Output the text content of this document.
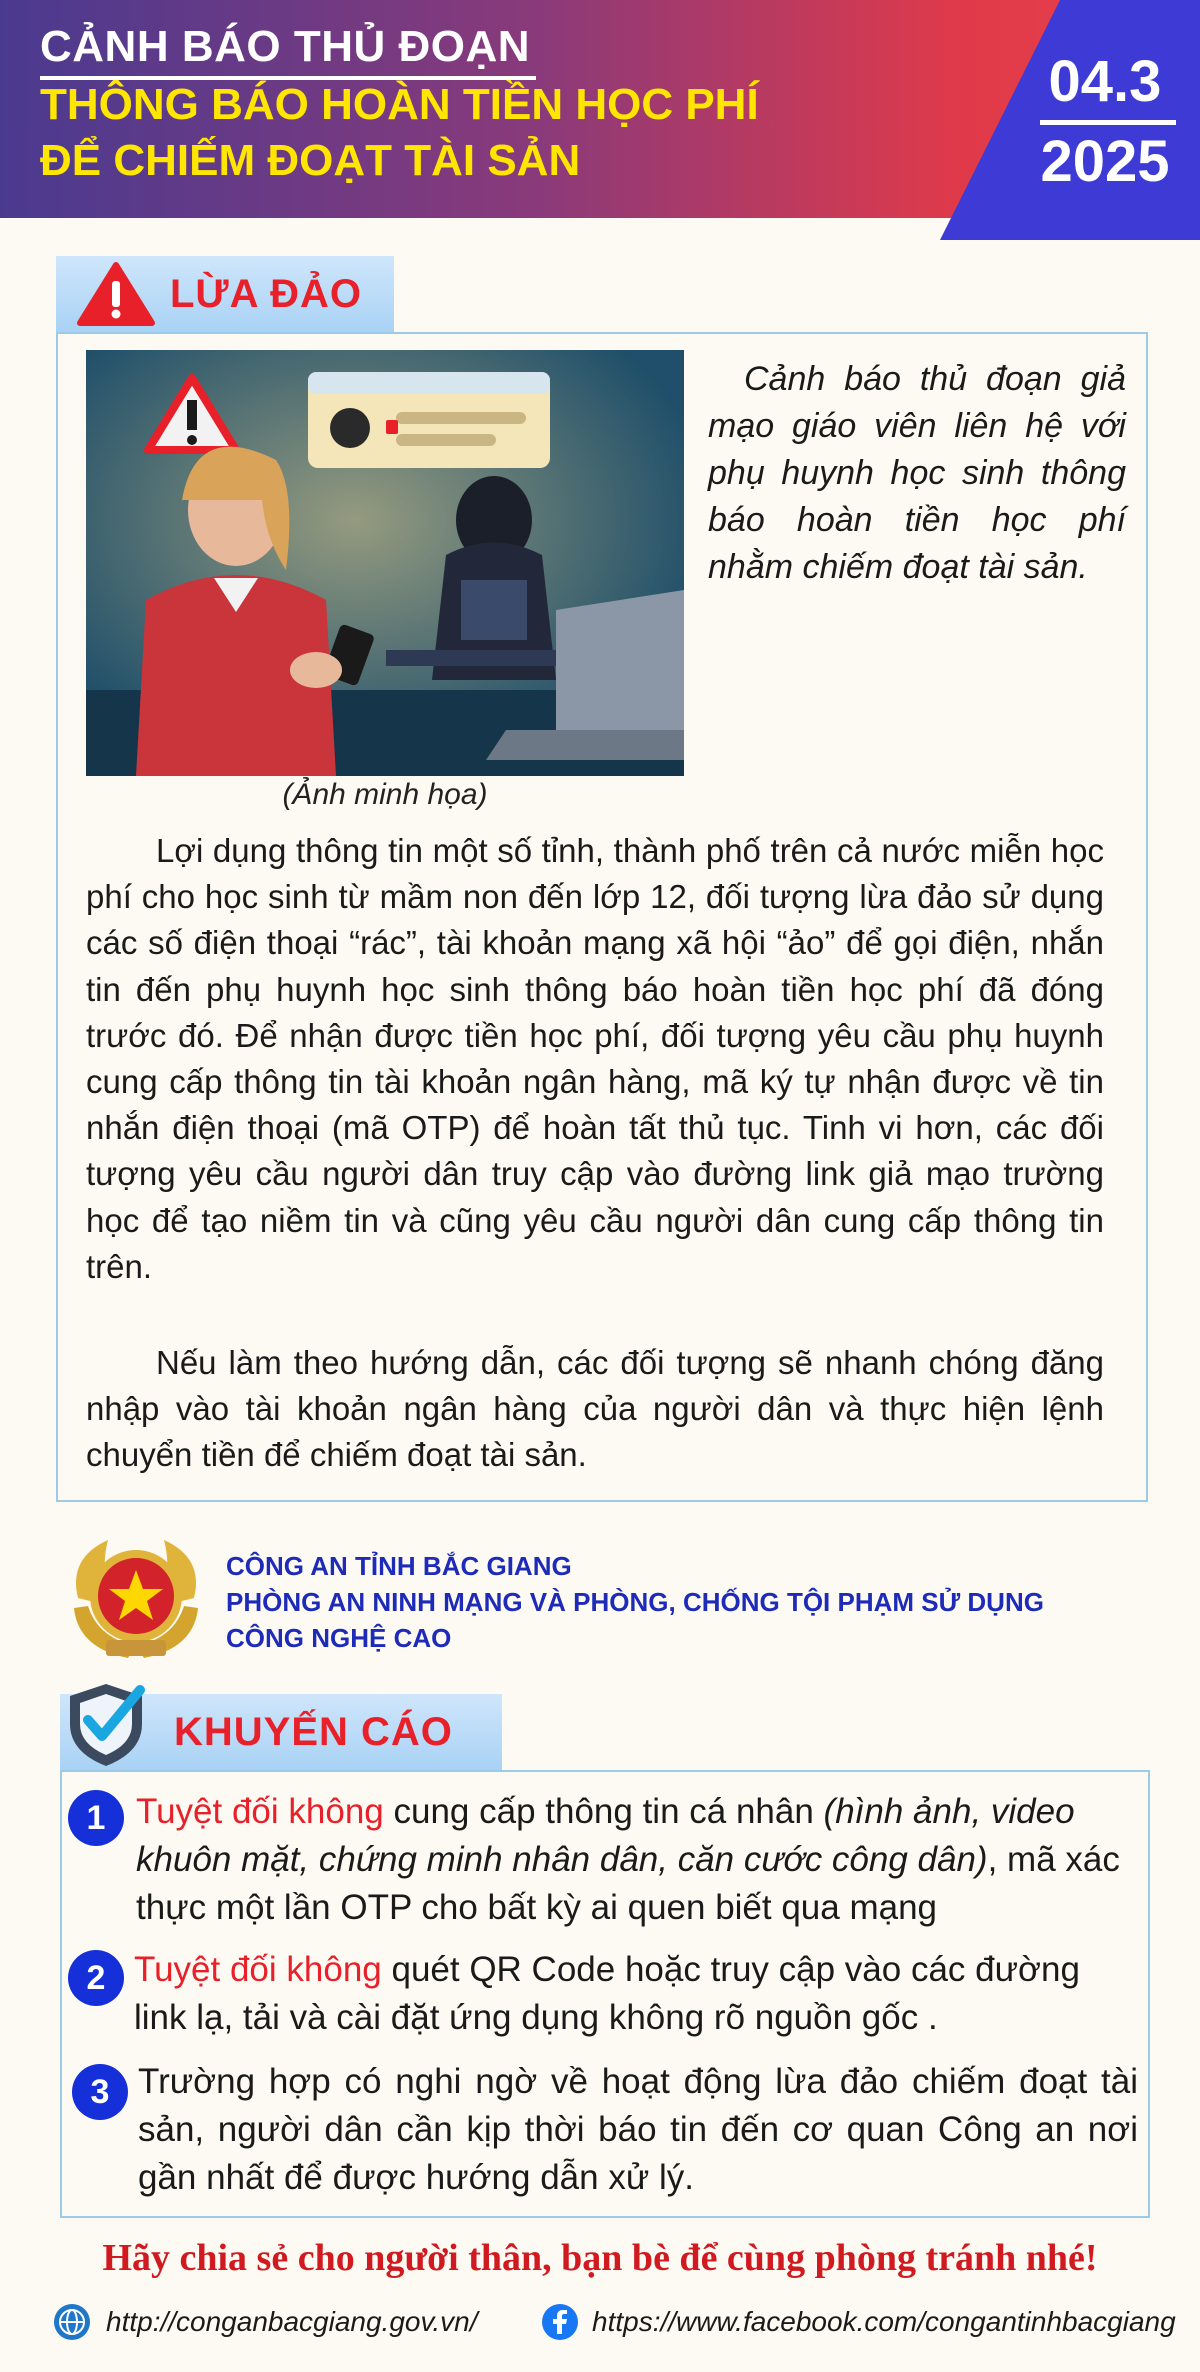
CẢNH BÁO THỦ ĐOẠN
THÔNG BÁO HOÀN TIỀN HỌC PHÍ
ĐỂ CHIẾM ĐOẠT TÀI SẢN
04.3
2025
LỪA ĐẢO
(Ảnh minh họa)
Cảnh báo thủ đoạn giả mạo giáo viên liên hệ với phụ huynh học sinh thông báo hoàn tiền học phí nhằm chiếm đoạt tài sản.
Lợi dụng thông tin một số tỉnh, thành phố trên cả nước miễn học phí cho học sinh từ mầm non đến lớp 12, đối tượng lừa đảo sử dụng các số điện thoại “rác”, tài khoản mạng xã hội “ảo” để gọi điện, nhắn tin đến phụ huynh học sinh thông báo hoàn tiền học phí đã đóng trước đó. Để nhận được tiền học phí, đối tượng yêu cầu phụ huynh cung cấp thông tin tài khoản ngân hàng, mã ký tự nhận được về tin nhắn điện thoại (mã OTP) để hoàn tất thủ tục. Tinh vi hơn, các đối tượng yêu cầu người dân truy cập vào đường link giả mạo trường học để tạo niềm tin và cũng yêu cầu người dân cung cấp thông tin trên.
Nếu làm theo hướng dẫn, các đối tượng sẽ nhanh chóng đăng nhập vào tài khoản ngân hàng của người dân và thực hiện lệnh chuyển tiền để chiếm đoạt tài sản.
CÔNG AN TỈNH BẮC GIANG
PHÒNG AN NINH MẠNG VÀ PHÒNG, CHỐNG TỘI PHẠM SỬ DỤNG
CÔNG NGHỆ CAO
KHUYẾN CÁO
1 Tuyệt đối không cung cấp thông tin cá nhân (hình ảnh, video khuôn mặt, chứng minh nhân dân, căn cước công dân), mã xác thực một lần OTP cho bất kỳ ai quen biết qua mạng
2 Tuyệt đối không quét QR Code hoặc truy cập vào các đường link lạ, tải và cài đặt ứng dụng không rõ nguồn gốc .
3 Trường hợp có nghi ngờ về hoạt động lừa đảo chiếm đoạt tài sản, người dân cần kịp thời báo tin đến cơ quan Công an nơi gần nhất để được hướng dẫn xử lý.
Hãy chia sẻ cho người thân, bạn bè để cùng phòng tránh nhé!
http://conganbacgiang.gov.vn/	https://www.facebook.com/congantinhbacgiang
